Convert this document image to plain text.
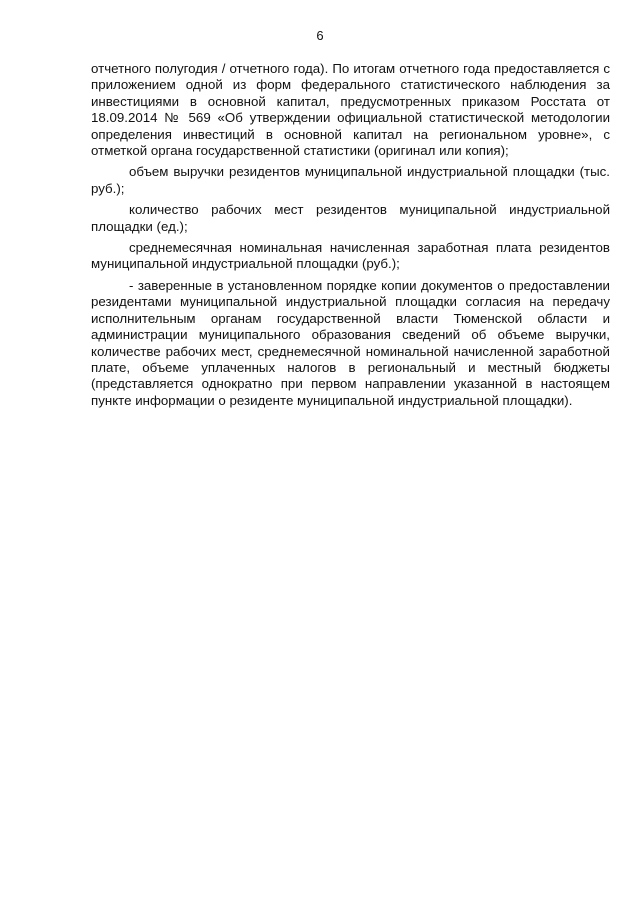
6

отчетного полугодия / отчетного года). По итогам отчетного года предоставляется с приложением одной из форм федерального статистического наблюдения за инвестициями в основной капитал, предусмотренных приказом Росстата от 18.09.2014 № 569 «Об утверждении официальной статистической методологии определения инвестиций в основной капитал на региональном уровне», с отметкой органа государственной статистики (оригинал или копия);

объем выручки резидентов муниципальной индустриальной площадки (тыс. руб.);

количество рабочих мест резидентов муниципальной индустриальной площадки (ед.);

среднемесячная номинальная начисленная заработная плата резидентов муниципальной индустриальной площадки (руб.);

- заверенные в установленном порядке копии документов о предоставлении резидентами муниципальной индустриальной площадки согласия на передачу исполнительным органам государственной власти Тюменской области и администрации муниципального образования сведений об объеме выручки, количестве рабочих мест, среднемесячной номинальной начисленной заработной плате, объеме уплаченных налогов в региональный и местный бюджеты (представляется однократно при первом направлении указанной в настоящем пункте информации о резиденте муниципальной индустриальной площадки).
